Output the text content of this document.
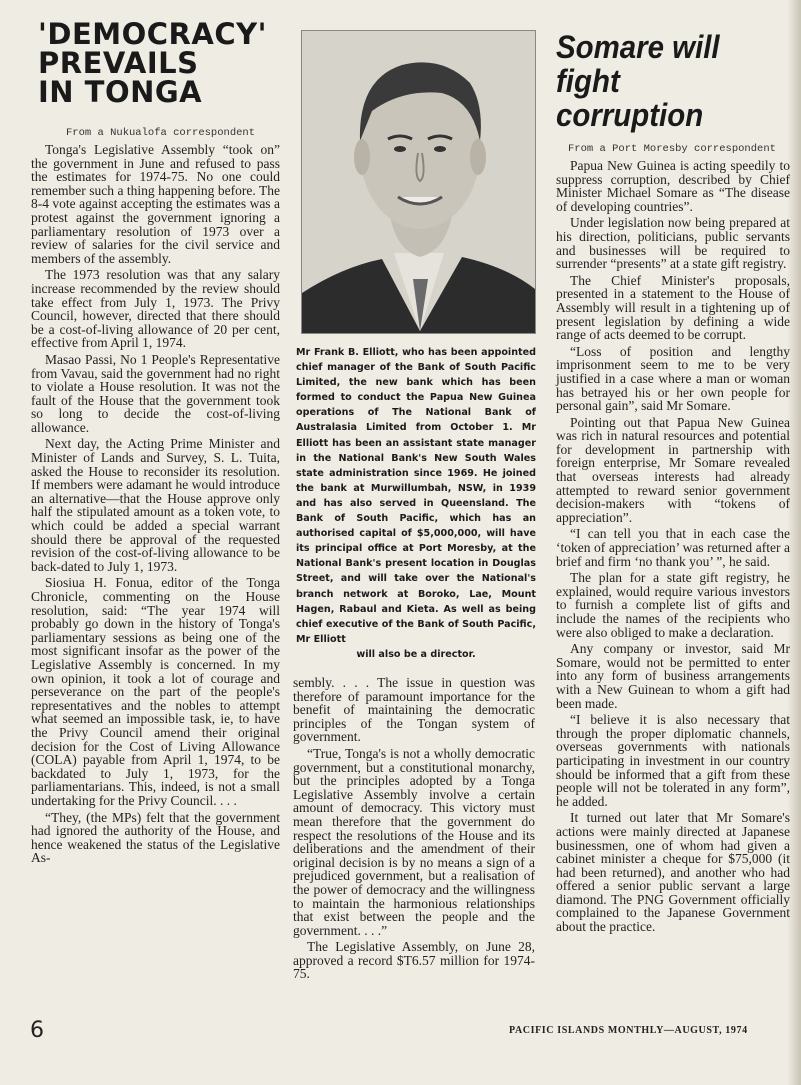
'DEMOCRACY'
PREVAILS
IN TONGA
From a Nukualofa correspondent

Tonga's Legislative Assembly “took on” the government in June and refused to pass the estimates for 1974-75. No one could remember such a thing happening before. The 8-4 vote against accepting the estimates was a protest against the government ignoring a parliamentary resolution of 1973 over a review of salaries for the civil service and members of the assembly.

The 1973 resolution was that any salary increase recommended by the review should take effect from July 1, 1973. The Privy Council, however, directed that there should be a cost-of-living allowance of 20 per cent, effective from April 1, 1974.

Masao Passi, No 1 People's Representative from Vavau, said the government had no right to violate a House resolution. It was not the fault of the House that the government took so long to decide the cost-of-living allowance.

Next day, the Acting Prime Minister and Minister of Lands and Survey, S. L. Tuita, asked the House to reconsider its resolution. If members were adamant he would introduce an alternative—that the House approve only half the stipulated amount as a token vote, to which could be added a special warrant should there be approval of the requested revision of the cost-of-living allowance to be back-dated to July 1, 1973.

Siosiua H. Fonua, editor of the Tonga Chronicle, commenting on the House resolution, said: “The year 1974 will probably go down in the history of Tonga's parliamentary sessions as being one of the most significant insofar as the power of the Legislative Assembly is concerned. In my own opinion, it took a lot of courage and perseverance on the part of the people's representatives and the nobles to attempt what seemed an impossible task, ie, to have the Privy Council amend their original decision for the Cost of Living Allowance (COLA) payable from April 1, 1974, to be backdated to July 1, 1973, for the parliamentarians. This, indeed, is not a small undertaking for the Privy Council. . . .

“They, (the MPs) felt that the government had ignored the authority of the House, and hence weakened the status of the Legislative As-

Mr Frank B. Elliott, who has been appointed chief manager of the Bank of South Pacific Limited, the new bank which has been formed to conduct the Papua New Guinea operations of The National Bank of Australasia Limited from October 1. Mr Elliott has been an assistant state manager in the National Bank's New South Wales state administration since 1969. He joined the bank at Murwillumbah, NSW, in 1939 and has also served in Queensland. The Bank of South Pacific, which has an authorised capital of $5,000,000, will have its principal office at Port Moresby, at the National Bank's present location in Douglas Street, and will take over the National's branch network at Boroko, Lae, Mount Hagen, Rabaul and Kieta. As well as being chief executive of the Bank of South Pacific, Mr Elliott
will also be a director.

sembly. . . . The issue in question was therefore of paramount importance for the benefit of maintaining the democratic principles of the Tongan system of government.

“True, Tonga's is not a wholly democratic government, but a constitutional monarchy, but the principles adopted by a Tonga Legislative Assembly involve a certain amount of democracy. This victory must mean therefore that the government do respect the resolutions of the House and its deliberations and the amendment of their original decision is by no means a sign of a prejudiced government, but a realisation of the power of democracy and the willingness to maintain the harmonious relationships that exist between the people and the government. . . .”

The Legislative Assembly, on June 28, approved a record $T6.57 million for 1974-75.

Somare will
fight
corruption
From a Port Moresby correspondent

Papua New Guinea is acting speedily to suppress corruption, described by Chief Minister Michael Somare as “The disease of developing countries”.

Under legislation now being prepared at his direction, politicians, public servants and businesses will be required to surrender “presents” at a state gift registry.

The Chief Minister's proposals, presented in a statement to the House of Assembly will result in a tightening up of present legislation by defining a wide range of acts deemed to be corrupt.

“Loss of position and lengthy imprisonment seem to me to be very justified in a case where a man or woman has betrayed his or her own people for personal gain”, said Mr Somare.

Pointing out that Papua New Guinea was rich in natural resources and potential for development in partnership with foreign enterprise, Mr Somare revealed that overseas interests had already attempted to reward senior government decision-makers with “tokens of appreciation”.

“I can tell you that in each case the ‘token of appreciation’ was returned after a brief and firm ‘no thank you’ ”, he said.

The plan for a state gift registry, he explained, would require various investors to furnish a complete list of gifts and include the names of the recipients who were also obliged to make a declaration.

Any company or investor, said Mr Somare, would not be permitted to enter into any form of business arrangements with a New Guinean to whom a gift had been made.

“I believe it is also necessary that through the proper diplomatic channels, overseas governments with nationals participating in investment in our country should be informed that a gift from these people will not be tolerated in any form”, he added.

It turned out later that Mr Somare's actions were mainly directed at Japanese businessmen, one of whom had given a cabinet minister a cheque for $75,000 (it had been returned), and another who had offered a senior public servant a large diamond. The PNG Government officially complained to the Japanese Government about the practice.

6	PACIFIC ISLANDS MONTHLY—AUGUST, 1974
